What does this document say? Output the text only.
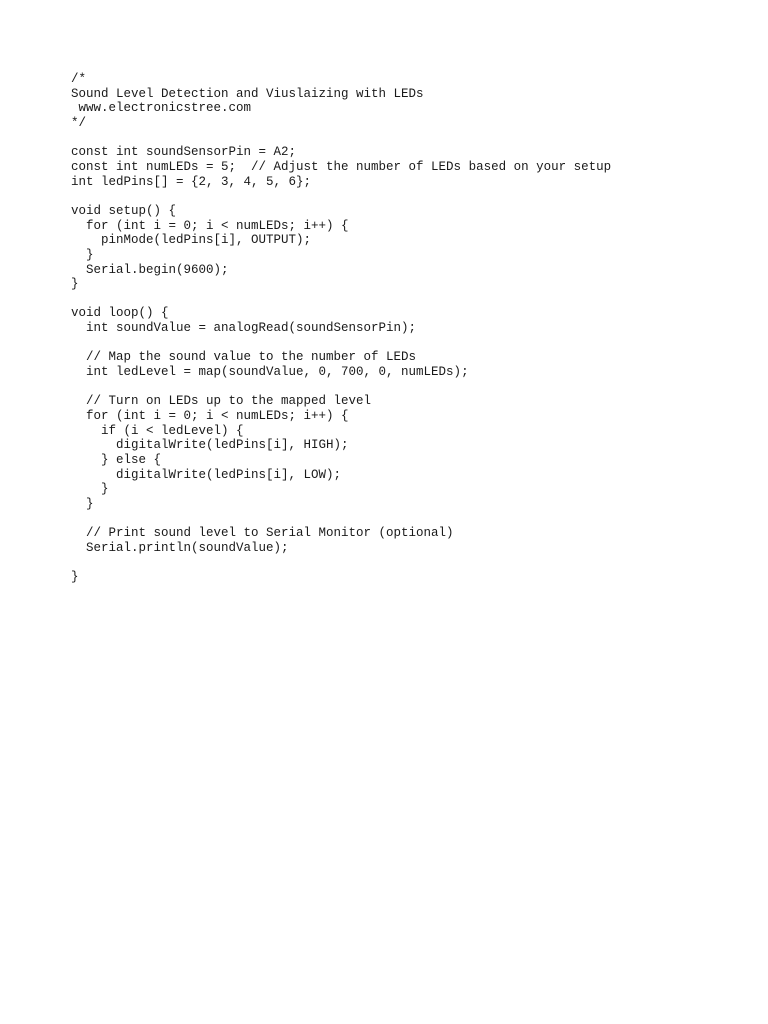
/*
Sound Level Detection and Viuslaizing with LEDs
www.electronicstree.com
*/
const int soundSensorPin = A2;
const int numLEDs = 5;  // Adjust the number of LEDs based on your setup
int ledPins[] = {2, 3, 4, 5, 6};
void setup() {
for (int i = 0; i < numLEDs; i++) {
pinMode(ledPins[i], OUTPUT);
}
Serial.begin(9600);
}
void loop() {
int soundValue = analogRead(soundSensorPin);
// Map the sound value to the number of LEDs
int ledLevel = map(soundValue, 0, 700, 0, numLEDs);
// Turn on LEDs up to the mapped level
for (int i = 0; i < numLEDs; i++) {
if (i < ledLevel) {
digitalWrite(ledPins[i], HIGH);
} else {
digitalWrite(ledPins[i], LOW);
}
}
// Print sound level to Serial Monitor (optional)
Serial.println(soundValue);
}
